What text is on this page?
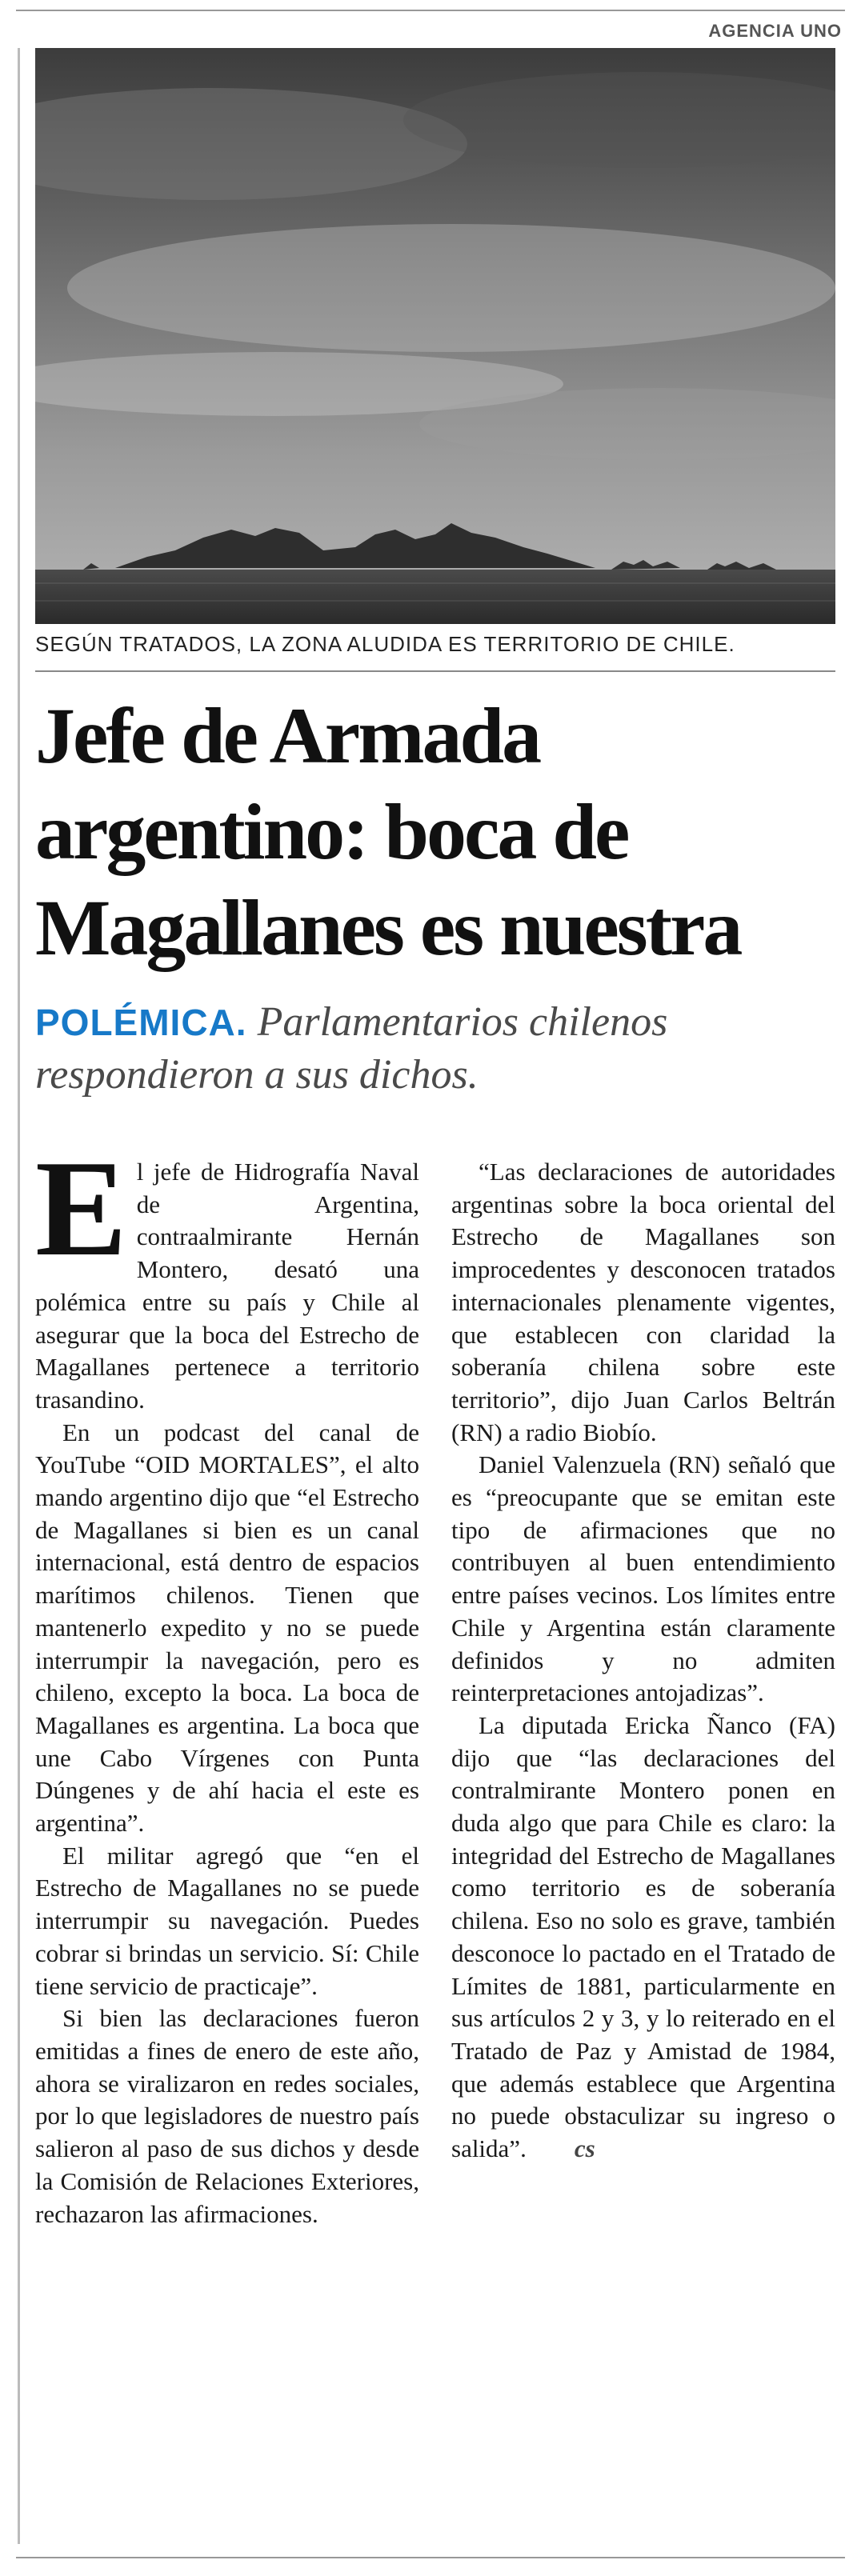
AGENCIA UNO
SEGÚN TRATADOS, LA ZONA ALUDIDA ES TERRITORIO DE CHILE.
Jefe de Armada
argentino: boca de
Magallanes es nuestra
POLÉMICA. Parlamentarios chilenos respondieron a sus dichos.

El jefe de Hidrografía Naval de Argentina, contraalmirante Hernán Montero, desató una polémica entre su país y Chile al asegurar que la boca del Estrecho de Magallanes pertenece a territorio trasandino.

En un podcast del canal de YouTube “OID MORTALES”, el alto mando argentino dijo que “el Estrecho de Magallanes si bien es un canal internacional, está dentro de espacios marítimos chilenos. Tienen que mantenerlo expedito y no se puede interrumpir la navegación, pero es chileno, excepto la boca. La boca de Magallanes es argentina. La boca que une Cabo Vírgenes con Punta Dúngenes y de ahí hacia el este es argentina”.

El militar agregó que “en el Estrecho de Magallanes no se puede interrumpir su navegación. Puedes cobrar si brindas un servicio. Sí: Chile tiene servicio de practicaje”.

Si bien las declaraciones fueron emitidas a fines de enero de este año, ahora se viralizaron en redes sociales, por lo que legisladores de nuestro país salieron al paso de sus dichos y desde la Comisión de Relaciones Exteriores, rechazaron las afirmaciones.

“Las declaraciones de autoridades argentinas sobre la boca oriental del Estrecho de Magallanes son improcedentes y desconocen tratados internacionales plenamente vigentes, que establecen con claridad la soberanía chilena sobre este territorio”, dijo Juan Carlos Beltrán (RN) a radio Biobío.

Daniel Valenzuela (RN) señaló que es “preocupante que se emitan este tipo de afirmaciones que no contribuyen al buen entendimiento entre países vecinos. Los límites entre Chile y Argentina están claramente definidos y no admiten reinterpretaciones antojadizas”.

La diputada Ericka Ñanco (FA) dijo que “las declaraciones del contralmirante Montero ponen en duda algo que para Chile es claro: la integridad del Estrecho de Magallanes como territorio es de soberanía chilena. Eso no solo es grave, también desconoce lo pactado en el Tratado de Límites de 1881, particularmente en sus artículos 2 y 3, y lo reiterado en el Tratado de Paz y Amistad de 1984, que además establece que Argentina no puede obstaculizar su ingreso o salida”. cs
